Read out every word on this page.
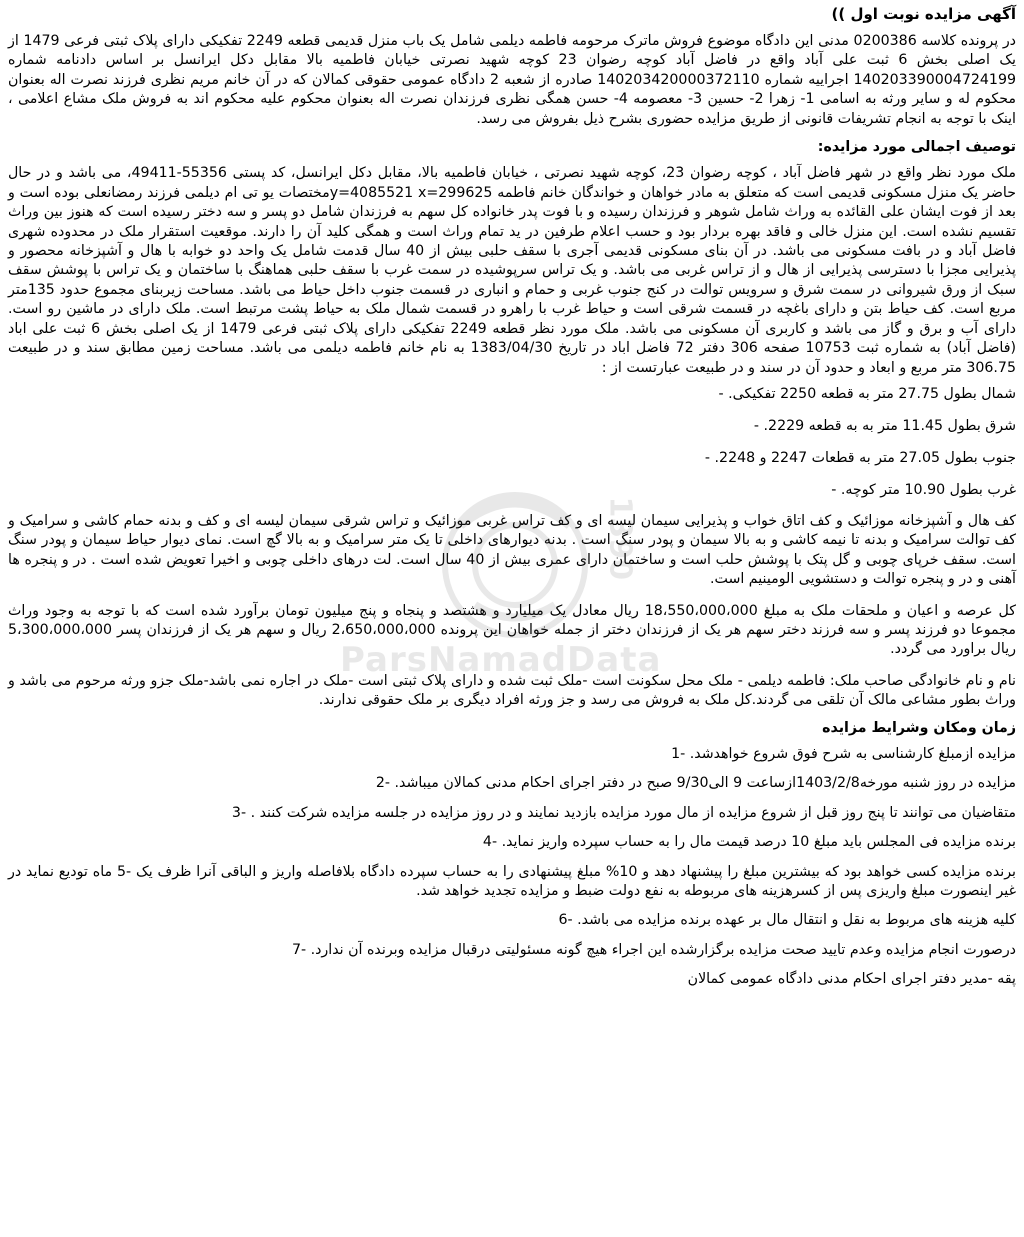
آگهی مزایده نوبت اول ))

در پرونده کلاسه 0200386 مدنی این دادگاه موضوع فروش ماترک مرحومه فاطمه دیلمی شامل یک باب منزل قدیمی قطعه 2249 تفکیکی دارای پلاک ثبتی فرعی 1479 از یک اصلی بخش 6 ثبت علی آباد واقع در فاضل آباد کوچه رضوان 23 کوچه شهید نصرتی خیابان فاطمیه بالا مقابل دکل ایرانسل بر اساس دادنامه شماره 140203390004724199 اجراییه شماره 140203420000372110 صادره از شعبه 2 دادگاه عمومی حقوقی کمالان که در آن خانم مریم نظری فرزند نصرت اله بعنوان محکوم له و سایر ورثه به اسامی 1- زهرا 2- حسین 3- معصومه 4- حسن همگی نظری فرزندان نصرت اله بعنوان محکوم علیه محکوم اند به فروش ملک مشاع اعلامی ، اینک با توجه به انجام تشریفات قانونی از طریق مزایده حضوری بشرح ذیل بفروش می رسد.

توصیف اجمالی مورد مزایده:

ملک مورد نظر واقع در شهر فاضل آباد ، کوچه رضوان 23، کوچه شهید نصرتی ، خیابان فاطمیه بالا، مقابل دکل ایرانسل، کد پستی 55356-49411، می باشد و در حال حاضر یک منزل مسکونی قدیمی است که متعلق به مادر خواهان و خواندگان خانم فاطمه y=4085521 x=299625مختصات یو تی ام دیلمی فرزند رمضانعلی بوده است و بعد از فوت ایشان علی القائده به وراث شامل شوهر و فرزندان رسیده و با فوت پدر خانواده کل سهم به فرزندان شامل دو پسر و سه دختر رسیده است که هنوز بین وراث تقسیم نشده است. این منزل خالی و فاقد بهره بردار بود و حسب اعلام طرفین در ید تمام وراث است و همگی کلید آن را دارند. موقعیت استقرار ملک در محدوده شهری فاضل آباد و در بافت مسکونی می باشد. در آن بنای مسکونی قدیمی آجری با سقف حلبی بیش از 40 سال قدمت شامل یک واحد دو خوابه با هال و آشپزخانه محصور و پذیرایی مجزا با دسترسی پذیرایی از هال و از تراس غربی می باشد. و یک تراس سرپوشیده در سمت غرب با سقف حلبی هماهنگ با ساختمان و یک تراس با پوشش سقف سبک از ورق شیروانی در سمت شرق و سرویس توالت در کنج جنوب غربی و حمام و انباری در قسمت جنوب داخل حیاط می باشد. مساحت زیربنای مجموع حدود 135متر مربع است. کف حیاط بتن و دارای باغچه در قسمت شرقی است و حیاط غرب با راهرو در قسمت شمال ملک به حیاط پشت مرتبط است. ملک دارای در ماشین رو است. دارای آب و برق و گاز می باشد و کاربری آن مسکونی می باشد. ملک مورد نظر قطعه 2249 تفکیکی دارای پلاک ثبتی فرعی 1479 از یک اصلی بخش 6 ثبت علی اباد (فاضل آباد) به شماره ثبت 10753 صفحه 306 دفتر 72 فاضل اباد در تاریخ 1383/04/30 به نام خانم فاطمه دیلمی می باشد. مساحت زمین مطابق سند و در طبیعت 306.75 متر مربع و ابعاد و حدود آن در سند و در طبیعت عبارتست از :

شمال بطول 27.75 متر به قطعه 2250 تفکیکی. -

شرق بطول 11.45 متر به به قطعه 2229. -

جنوب بطول 27.05 متر به قطعات 2247 و 2248. -

غرب بطول 10.90 متر کوچه. -

کف هال و آشپزخانه موزائیک و کف اتاق خواب و پذیرایی سیمان لیسه ای و کف تراس غربی موزائیک و تراس شرقی سیمان لیسه ای و کف و بدنه حمام کاشی و سرامیک و کف توالت سرامیک و بدنه تا نیمه کاشی و به بالا سیمان و پودر سنگ است . بدنه دیوارهای داخلی تا یک متر سرامیک و به بالا گچ است. نمای دیوار حیاط سیمان و پودر سنگ است. سقف خرپای چوبی و گل پتک با پوشش حلب است و ساختمان دارای عمری بیش از 40 سال است. لت درهای داخلی چوبی و اخیرا تعویض شده است . در و پنجره ها آهنی و در و پنجره توالت و دستشویی الومینیم است.

کل عرصه و اعیان و ملحقات ملک به مبلغ 18،550،000،000 ریال معادل یک میلیارد و هشتصد و پنجاه و پنج میلیون تومان برآورد شده است که با توجه به وجود وراث مجموعا دو فرزند پسر و سه فرزند دختر سهم هر یک از فرزندان دختر از جمله خواهان این پرونده 2،650،000،000 ریال و سهم هر یک از فرزندان پسر 5،300،000،000 ریال براورد می گردد.

نام و نام خانوادگی صاحب ملک: فاطمه دیلمی - ملک محل سکونت است -ملک ثبت شده و دارای پلاک ثبتی است -ملک در اجاره نمی باشد-ملک جزو ورثه مرحوم می باشد و وراث بطور مشاعی مالک آن تلقی می گردند.کل ملک به فروش می رسد و جز ورثه افراد دیگری بر ملک حقوقی ندارند.

زمان ومکان وشرایط مزایده

مزایده ازمبلغ کارشناسی به شرح فوق شروع خواهدشد. -1

مزایده در روز شنبه مورخه1403/2/8ازساعت 9 الی9/30 صبح در دفتر اجرای احکام مدنی کمالان میباشد. -2

متقاضیان می توانند تا پنج روز قبل از شروع مزایده از مال مورد مزایده بازدید نمایند و در روز مزایده در جلسه مزایده شرکت کنند . -3

برنده مزایده فی المجلس باید مبلغ 10 درصد قیمت مال را به حساب سپرده واریز نماید. -4

برنده مزایده کسی خواهد بود که بیشترین مبلغ را پیشنهاد دهد و 10% مبلغ پیشنهادی را به حساب سپرده دادگاه بلافاصله واریز و الباقی آنرا ظرف یک -5 ماه تودیع نماید در غیر اینصورت مبلغ واریزی پس از کسرهزینه های مربوطه به نفع دولت ضبط و مزایده تجدید خواهد شد.

کلیه هزینه های مربوط به نقل و انتقال مال بر عهده برنده مزایده می باشد. -6

درصورت انجام مزایده وعدم تایید صحت مزایده برگزارشده این اجراء هیچ گونه مسئولیتی درقبال مزایده وبرنده آن ندارد. -7

پقه -مدیر دفتر اجرای احکام مدنی دادگاه عمومی کمالان

1390
ParsNamadData
